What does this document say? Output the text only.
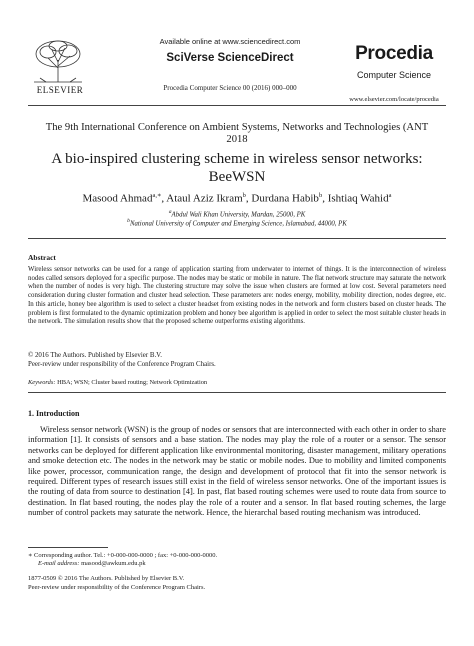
ELSEVIER
Available online at www.sciencedirect.com
SciVerse ScienceDirect
Procedia Computer Science 00 (2016) 000–000
Procedia
Computer Science
www.elsevier.com/locate/procedia
The 9th International Conference on Ambient Systems, Networks and Technologies (ANT 2018
A bio-inspired clustering scheme in wireless sensor networks: BeeWSN
Masood Ahmad$^{a,∗}$, Ataul Aziz Ikram$^b$, Durdana Habib$^b$, Ishtiaq Wahid$^a$
$^a$Abdul Wali Khan University, Mardan, 25000, PK
$^b$National University of Computer and Emerging Science, Islamabad, 44000, PK
Abstract
Wireless sensor networks can be used for a range of application starting from underwater to internet of things. It is the interconnection of wireless nodes called sensors deployed for a specific purpose. The nodes may be static or mobile in nature. The flat network structure may saturate the network when the number of nodes is very high. The clustering structure may solve the issue when clusters are formed at low cost. Several parameters need consideration during cluster formation and cluster head selection. These parameters are: nodes energy, mobility, mobility direction, nodes degree, etc. In this article, honey bee algorithm is used to select a cluster headset from existing nodes in the network and form clusters based on cluster heads. The problem is first formulated to the dynamic optimization problem and honey bee algorithm is applied in order to select the most suitable cluster heads in the network. The simulation results show that the proposed scheme outperforms existing algorithms.
© 2016 The Authors. Published by Elsevier B.V.
Peer-review under responsibility of the Conference Program Chairs.
Keywords: HBA; WSN; Cluster based routing; Network Optimization
1. Introduction
Wireless sensor network (WSN) is the group of nodes or sensors that are interconnected with each other in order to share information [1]. It consists of sensors and a base station. The nodes may play the role of a router or a sensor. The sensor networks can be deployed for different application like environmental monitoring, disaster management, military operations and smoke detection etc. The nodes in the network may be static or mobile nodes. Due to mobility and limited components like power, processor, communication range, the design and development of protocol that fit into the sensor network is required. Different types of research issues still exist in the field of wireless sensor networks. One of the important issues is the routing of data from source to destination [4]. In past, flat based routing schemes were used to route data from source to destination. In flat based routing, the nodes play the role of a router and a sensor. In flat based routing schemes, the large number of control packets may saturate the network. Hence, the hierarchal based routing mechanism was introduced.
∗ Corresponding author. Tel.: +0-000-000-0000 ; fax: +0-000-000-0000.
E-mail address: masood@awkum.edu.pk
1877-0509 © 2016 The Authors. Published by Elsevier B.V.
Peer-review under responsibility of the Conference Program Chairs.
